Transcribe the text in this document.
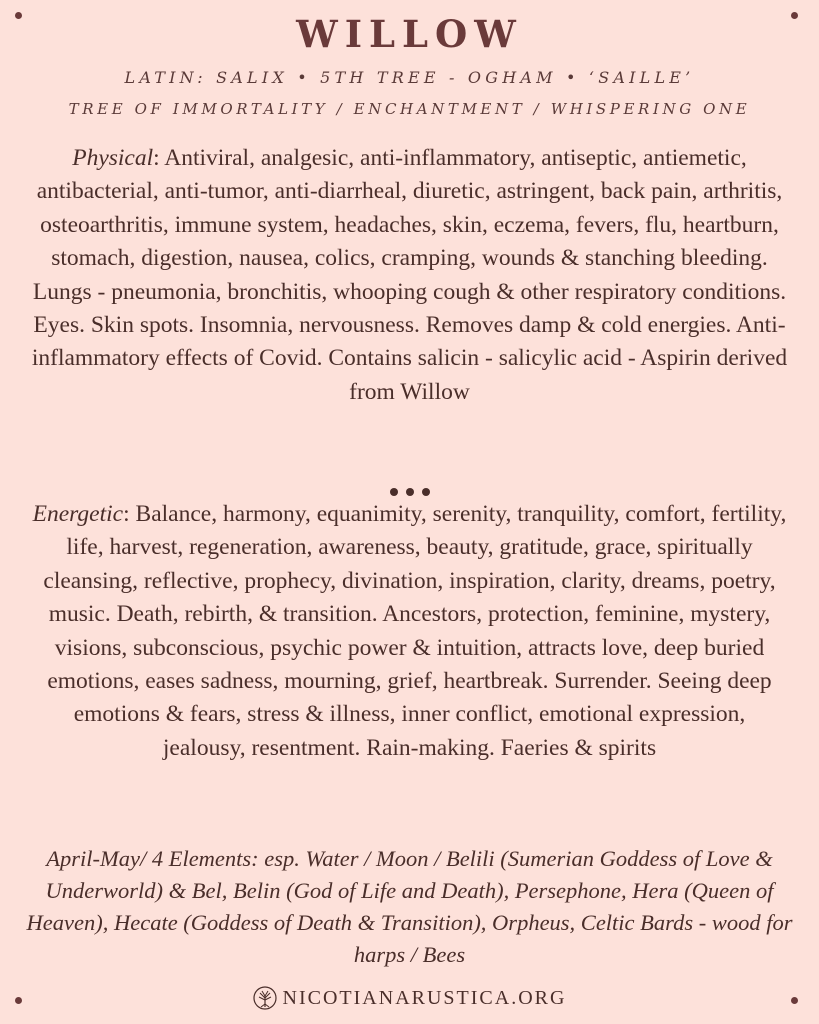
WILLOW
LATIN: SALIX • 5TH TREE - OGHAM • ‘SAILLE’
TREE OF IMMORTALITY / ENCHANTMENT / WHISPERING ONE
Physical: Antiviral, analgesic, anti-inflammatory, antiseptic, antiemetic, antibacterial, anti-tumor, anti-diarrheal, diuretic, astringent, back pain, arthritis, osteoarthritis, immune system, headaches, skin, eczema, fevers, flu, heartburn, stomach, digestion, nausea, colics, cramping, wounds & stanching bleeding. Lungs - pneumonia, bronchitis, whooping cough & other respiratory conditions. Eyes. Skin spots. Insomnia, nervousness. Removes damp & cold energies. Anti-inflammatory effects of Covid. Contains salicin - salicylic acid - Aspirin derived from Willow
Energetic: Balance, harmony, equanimity, serenity, tranquility, comfort, fertility, life, harvest, regeneration, awareness, beauty, gratitude, grace, spiritually cleansing, reflective, prophecy, divination, inspiration, clarity, dreams, poetry, music. Death, rebirth, & transition. Ancestors, protection, feminine, mystery, visions, subconscious, psychic power & intuition, attracts love, deep buried emotions, eases sadness, mourning, grief, heartbreak. Surrender. Seeing deep emotions & fears, stress & illness, inner conflict, emotional expression, jealousy, resentment. Rain-making. Faeries & spirits
April-May/ 4 Elements: esp. Water / Moon / Belili (Sumerian Goddess of Love & Underworld) & Bel, Belin (God of Life and Death), Persephone, Hera (Queen of Heaven), Hecate (Goddess of Death & Transition), Orpheus, Celtic Bards - wood for harps / Bees
NICOTIANARUSTICA.ORG
